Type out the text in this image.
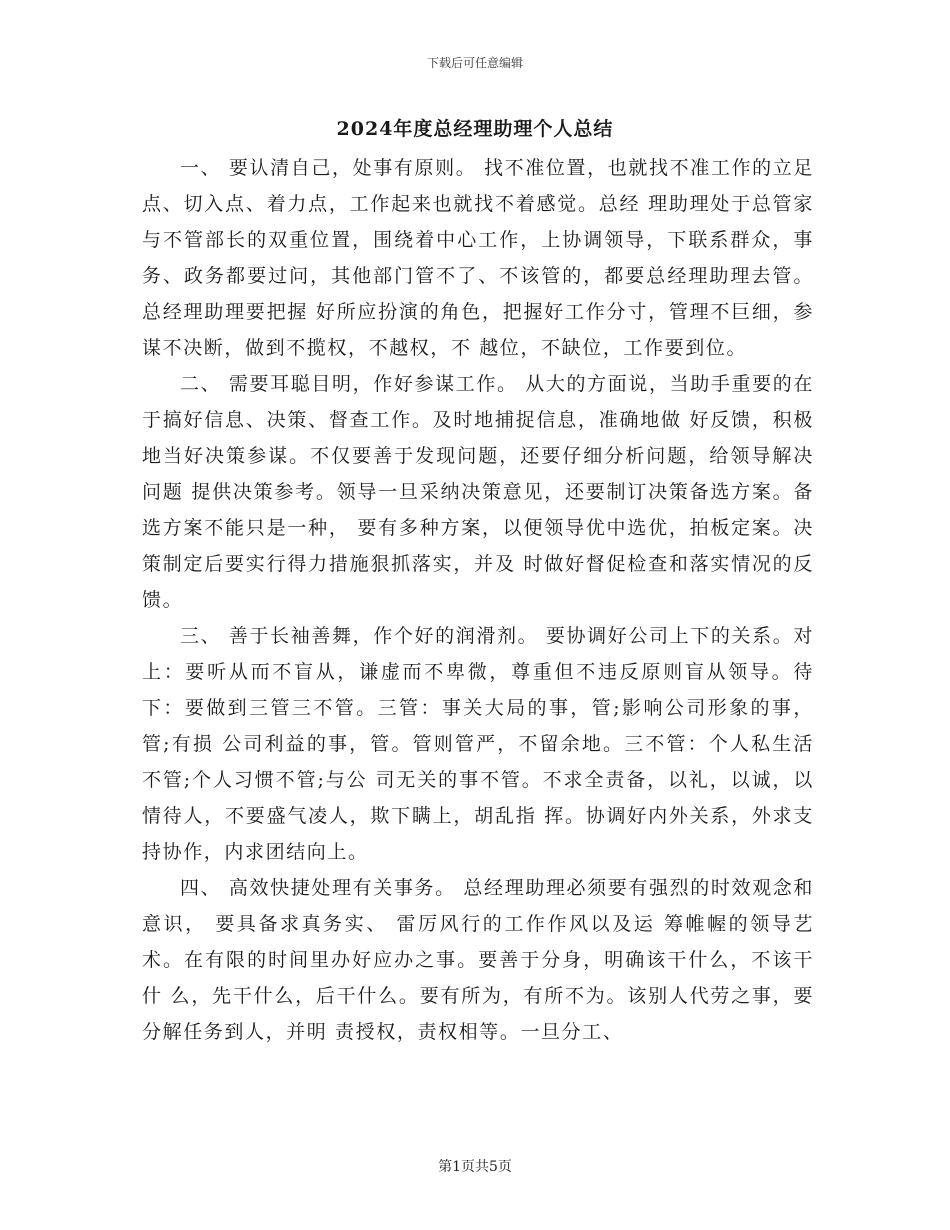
下载后可任意编辑
2024年度总经理助理个人总结

一、 要认清自己，处事有原则。 找不准位置，也就找不准工作的立足点、切入点、着力点，工作起来也就找不着感觉。总经 理助理处于总管家与不管部长的双重位置，围绕着中心工作，上协调领导，下联系群众，事 务、政务都要过问，其他部门管不了、不该管的，都要总经理助理去管。总经理助理要把握 好所应扮演的角色，把握好工作分寸，管理不巨细，参谋不决断，做到不揽权，不越权，不 越位，不缺位，工作要到位。

二、 需要耳聪目明，作好参谋工作。 从大的方面说，当助手重要的在于搞好信息、决策、督查工作。及时地捕捉信息，准确地做 好反馈，积极地当好决策参谋。不仅要善于发现问题，还要仔细分析问题，给领导解决问题 提供决策参考。领导一旦采纳决策意见，还要制订决策备选方案。备选方案不能只是一种， 要有多种方案，以便领导优中选优，拍板定案。决策制定后要实行得力措施狠抓落实，并及 时做好督促检查和落实情况的反馈。

三、 善于长袖善舞，作个好的润滑剂。 要协调好公司上下的关系。对上：要听从而不盲从，谦虚而不卑微，尊重但不违反原则盲从领导。待下：要做到三管三不管。三管：事关大局的事，管;影响公司形象的事，管;有损 公司利益的事，管。管则管严，不留余地。三不管：个人私生活不管;个人习惯不管;与公 司无关的事不管。不求全责备，以礼，以诚，以情待人，不要盛气凌人，欺下瞒上，胡乱指 挥。协调好内外关系，外求支持协作，内求团结向上。

四、 高效快捷处理有关事务。 总经理助理必须要有强烈的时效观念和意识， 要具备求真务实、 雷厉风行的工作作风以及运 筹帷幄的领导艺术。在有限的时间里办好应办之事。要善于分身，明确该干什么，不该干什 么，先干什么，后干什么。要有所为，有所不为。该别人代劳之事，要分解任务到人，并明 责授权，责权相等。一旦分工、

第1页共5页
